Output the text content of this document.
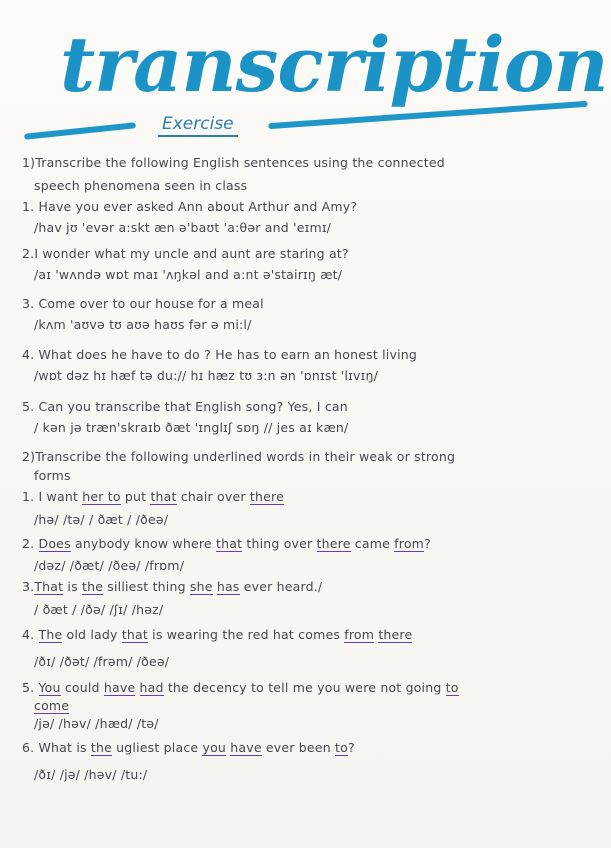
transcription
Exercise
1)Transcribe the following English sentences using the connected
speech phenomena seen in class
1. Have you ever asked Ann about Arthur and Amy?
/hav jʊ 'evər a:skt æn ə'baʊt 'a:θər and 'eɪmɪ/
2.I wonder what my uncle and aunt are staring at?
/aɪ 'wʌndə wɒt maɪ 'ʌŋkəl and a:nt ə'stairɪŋ æt/
3. Come over to our house for a meal
/kʌm 'aʊvə tʊ aʊə haʊs fər ə mi:l/
4. What does he have to do ? He has to earn an honest living
/wɒt dəz hɪ hæf tə du:// hɪ hæz tʊ ɜ:n ən 'ɒnɪst 'lɪvɪŋ/
5. Can you transcribe that English song? Yes, I can
/ kən jə træn'skraɪb ðæt 'ɪnglɪʃ sɒŋ // jes aɪ kæn/
2)Transcribe the following underlined words in their weak or strong
forms
1. I want her to put that chair over there
/hə/ /tə/ / ðæt / /ðeə/
2. Does anybody know where that thing over there came from?
/dəz/ /ðæt/ /ðeə/ /frɒm/
3.That is the silliest thing she has ever heard./
/ ðæt / /ðə/ /ʃɪ/ /həz/
4. The old lady that is wearing the red hat comes from there
/ðɪ/ /ðət/ /frəm/ /ðeə/
5. You could have had the decency to tell me you were not going to
come
/jə/ /həv/ /hæd/ /tə/
6. What is the ugliest place you have ever been to?
/ðɪ/ /jə/ /həv/ /tu:/
